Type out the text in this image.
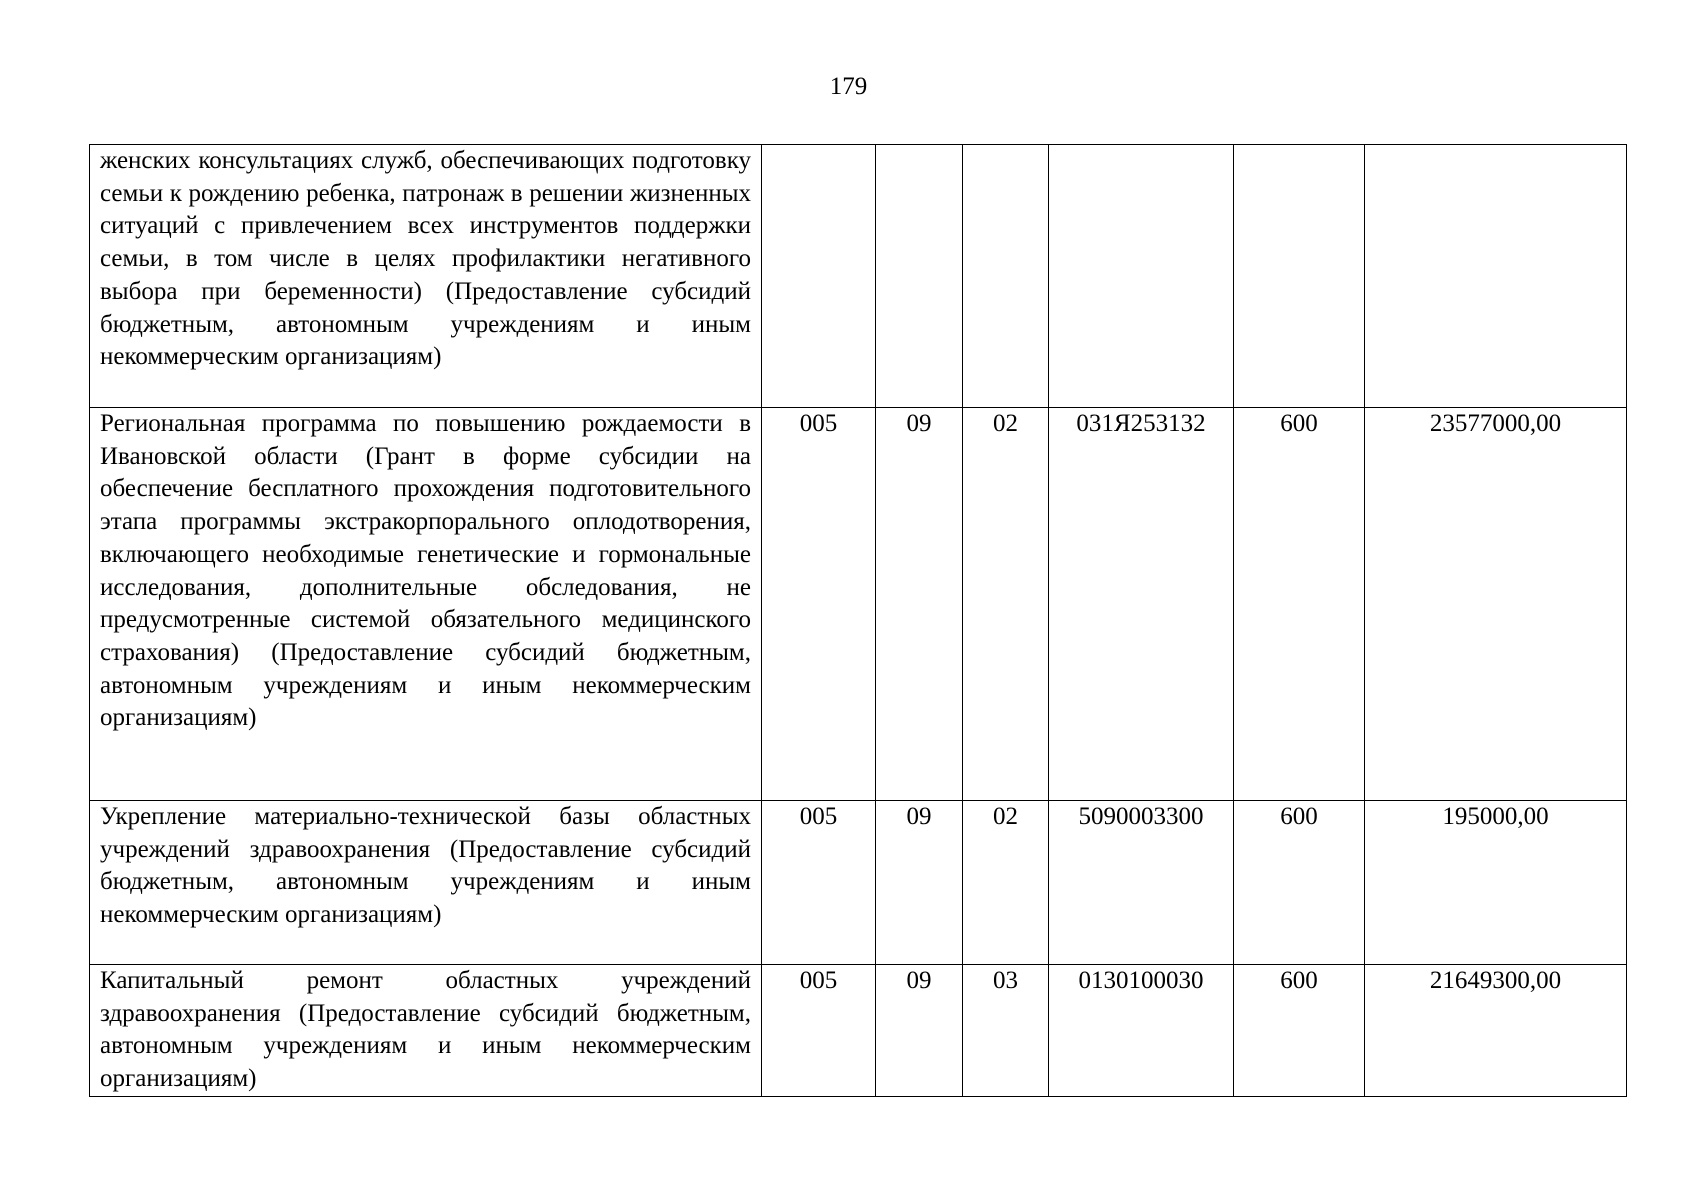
179
женских консультациях служб, обеспечивающих подготовку семьи к рождению ребенка, патронаж в решении жизненных ситуаций с привлечением всех инструментов поддержки семьи, в том числе в целях профилактики негативного выбора при беременности) (Предоставление субсидий бюджетным, автономным учреждениям и иным некоммерческим организациям)						
Региональная программа по повышению рождаемости в Ивановской области (Грант в форме субсидии на обеспечение бесплатного прохождения подготовительного этапа программы экстракорпорального оплодотворения, включающего необходимые генетические и гормональные исследования, дополнительные обследования, не предусмотренные системой обязательного медицинского страхования) (Предоставление субсидий бюджетным, автономным учреждениям и иным некоммерческим организациям)	005	09	02	031Я253132	600	23577000,00
Укрепление материально-технической базы областных учреждений здравоохранения (Предоставление субсидий бюджетным, автономным учреждениям и иным некоммерческим организациям)	005	09	02	5090003300	600	195000,00
Капитальный ремонт областных учреждений здравоохранения (Предоставление субсидий бюджетным, автономным учреждениям и иным некоммерческим организациям)	005	09	03	0130100030	600	21649300,00
